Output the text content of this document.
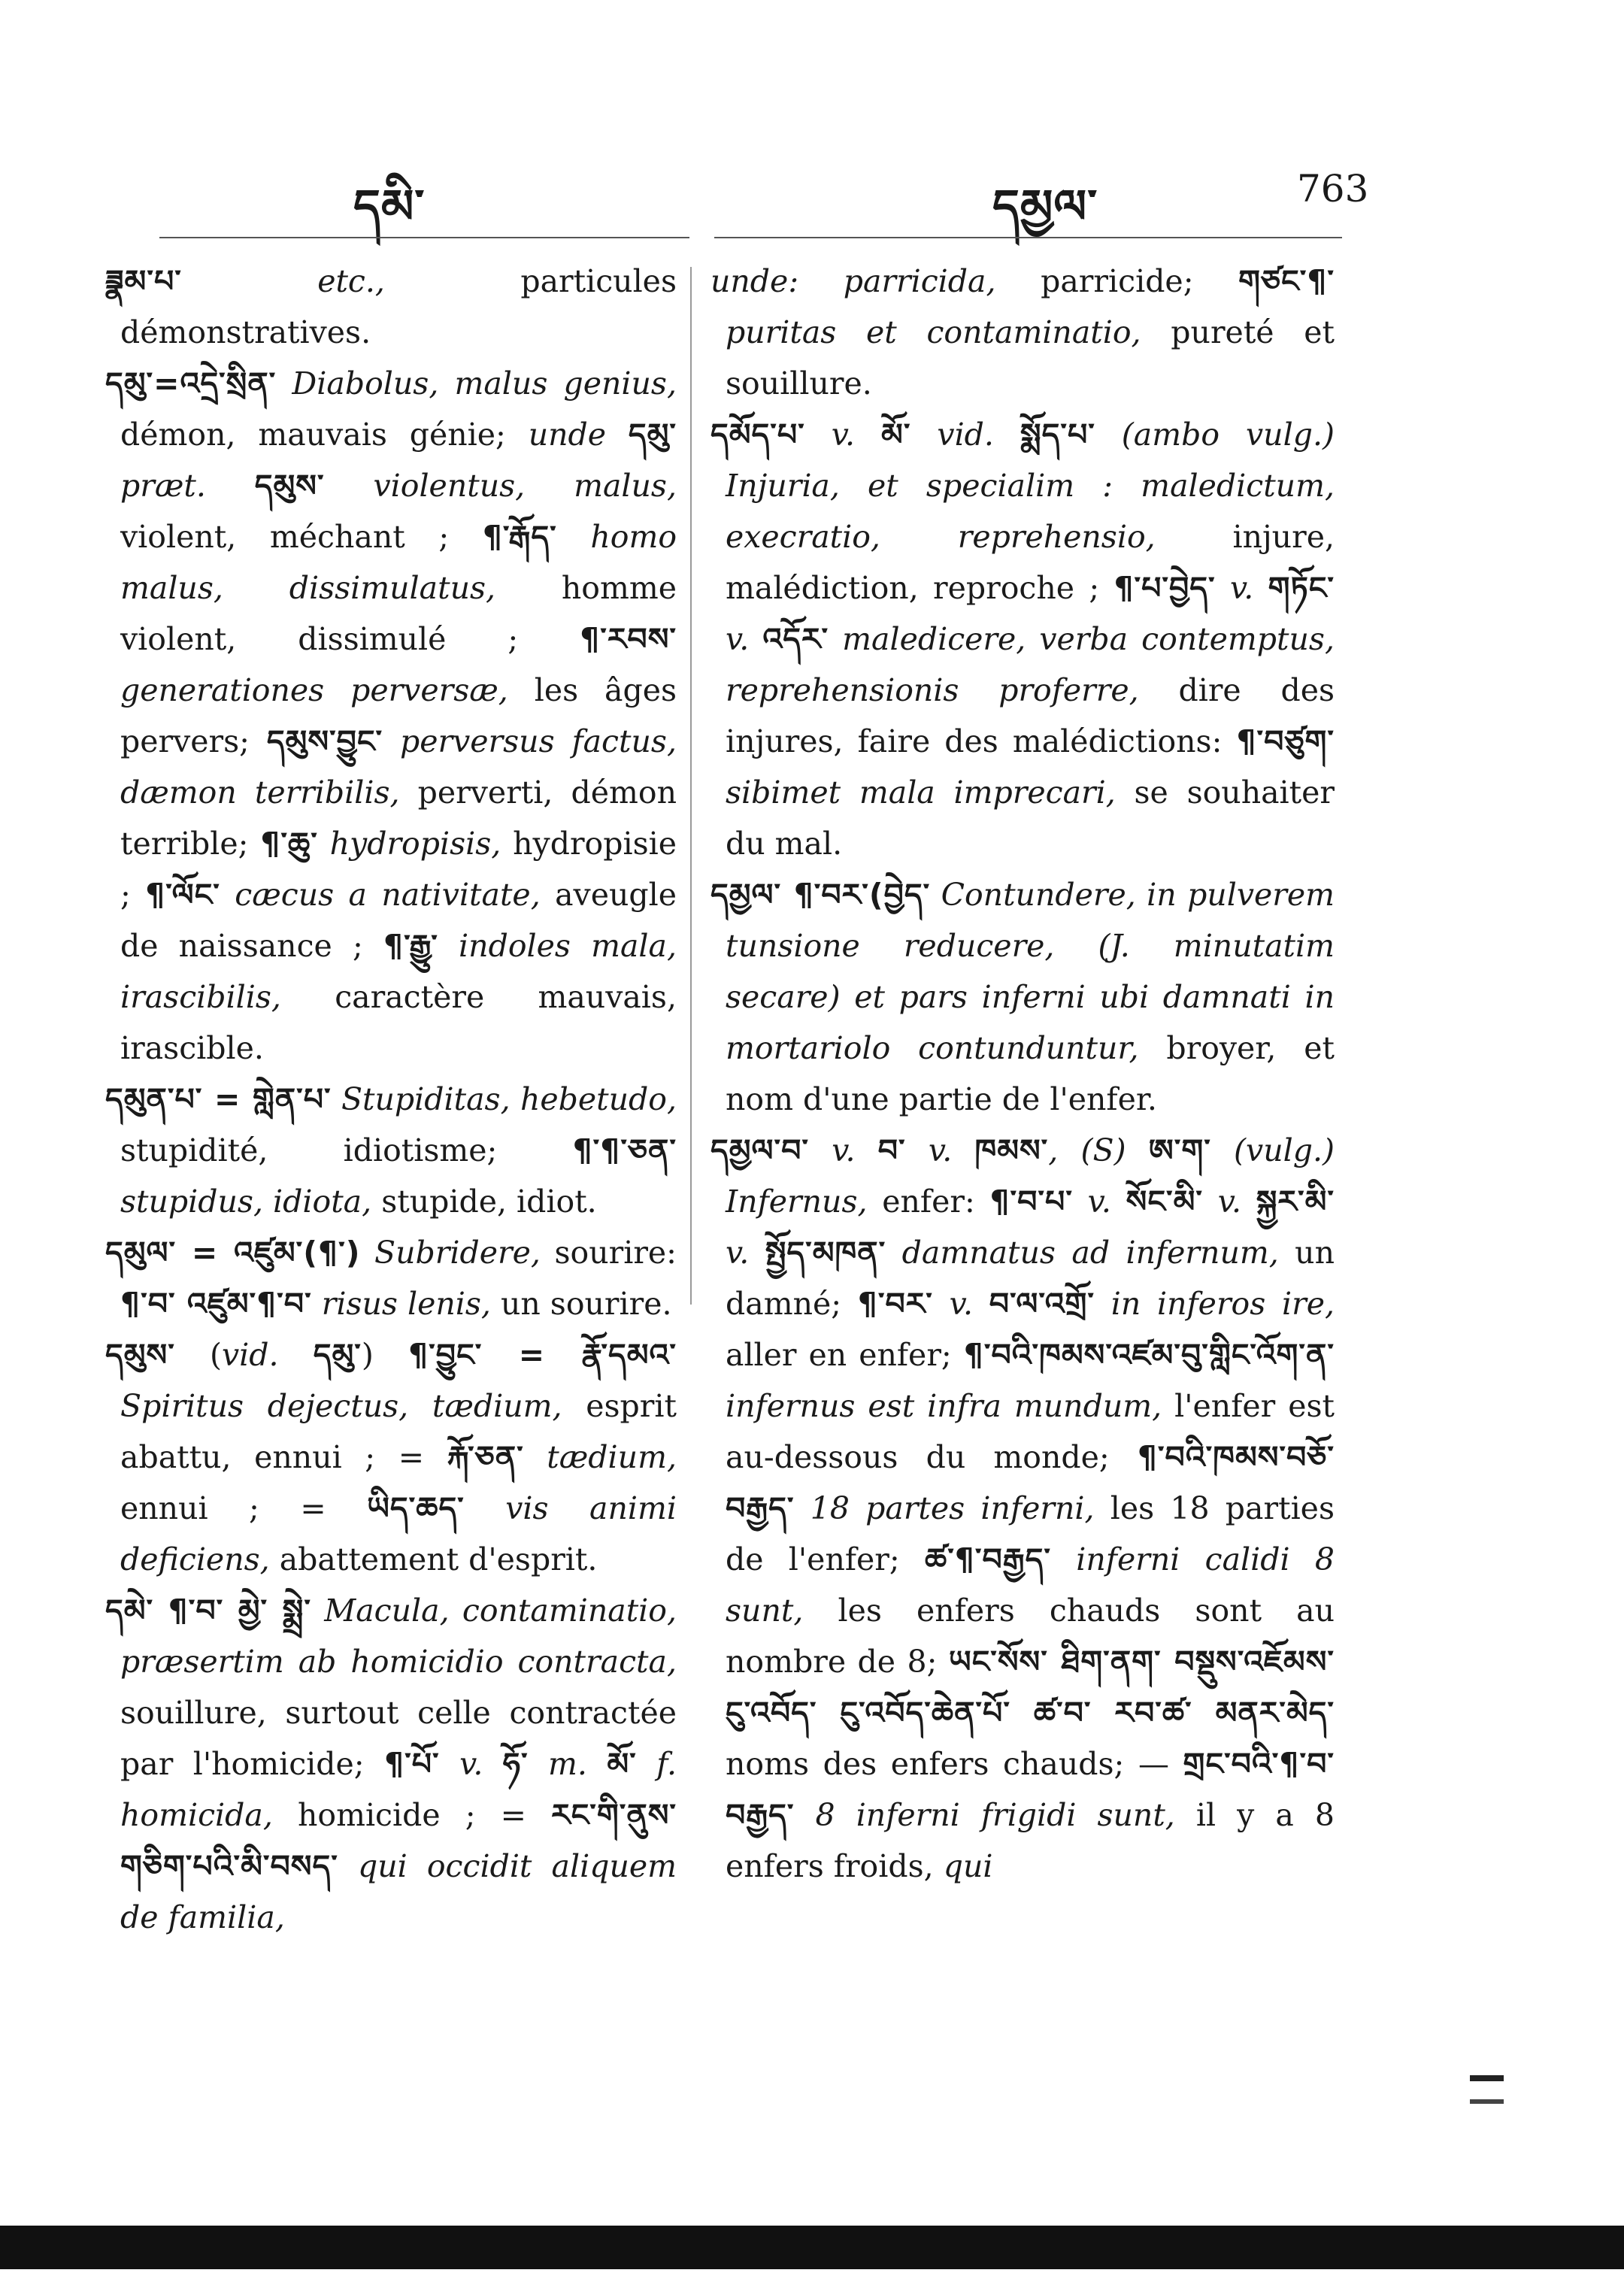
དམི་	དམྱལ་	763

ཟྣམ་པ་ etc., particules démonstratives.

དམུ་=འདྲེ་སྲིན་ Diabolus, malus genius, démon, mauvais génie; unde དམུ་ præt. དམུས་ violentus, malus, violent, méchant ; ¶་རྒོད་ homo malus, dissimulatus, homme violent, dissimulé ; ¶་རབས་ generationes perversæ, les âges pervers; དམུས་བྱུང་ perversus factus, dæmon terribilis, perverti, démon terrible; ¶་ཆུ་ hydropisis, hydropisie ; ¶་ལོང་ cæcus a nativitate, aveugle de naissance ; ¶་རྒྱུ་ indoles mala, irascibilis, caractère mauvais, irascible.

དམུན་པ་ = གླེན་པ་ Stupiditas, hebetudo, stupidité, idiotisme; ¶་¶་ཅན་ stupidus, idiota, stupide, idiot.

དམུལ་ = འཛུམ་(¶་) Subridere, sourire: ¶་བ་ འཛུམ་¶་བ་ risus lenis, un sourire.

དམུས་ (vid. དམུ་) ¶་བྱུང་ = རྣོ་དམའ་ Spiritus dejectus, tædium, esprit abattu, ennui ; = རྐོ་ཅན་ tædium, ennui ; = ཡིད་ཆད་ vis animi deficiens, abattement d'esprit.

དམེ་ ¶་བ་ མྱེ་ སྨྲེ་ Macula, contaminatio, præsertim ab homicidio contracta, souillure, surtout celle contractée par l'homicide; ¶་པོ་ v. ཧོ་ m. མོ་ f. homicida, homicide ; = རང་གི་ནུས་གཅིག་པའི་མི་བསད་ qui occidit aliquem de familia,

unde: parricida, parricide; གཙང་¶་ puritas et contaminatio, pureté et souillure.

དམོད་པ་ v. མོ་ vid. སྨོད་པ་ (ambo vulg.) Injuria, et specialim : maledictum, execratio, reprehensio, injure, malédiction, reproche ; ¶་པ་བྱེད་ v. གཏོང་ v. འདོར་ maledicere, verba contemptus, reprehensionis proferre, dire des injures, faire des malédictions: ¶་བཙུག་ sibimet mala imprecari, se souhaiter du mal.

དམྱལ་ ¶་བར་(བྱེད་ Contundere, in pulverem tunsione reducere, (J. minutatim secare) et pars inferni ubi damnati in mortariolo contunduntur, broyer, et nom d'une partie de l'enfer.

དམྱལ་བ་ v. བ་ v. ཁམས་, (S) ཨ་ག་ (vulg.) Infernus, enfer: ¶་བ་པ་ v. སོང་མི་ v. སྐྱར་མི་ v. སྤྱོད་མཁན་ damnatus ad infernum, un damné; ¶་བར་ v. བ་ལ་འགྲོ་ in inferos ire, aller en enfer; ¶་བའི་ཁམས་འཛམ་བུ་གླིང་འོག་ན་ infernus est infra mundum, l'enfer est au-dessous du monde; ¶་བའི་ཁམས་བཅོ་བརྒྱད་ 18 partes inferni, les 18 parties de l'enfer; ཚ་¶་བརྒྱད་ inferni calidi 8 sunt, les enfers chauds sont au nombre de 8; ཡང་སོས་ ཐིག་ནག་ བསྡུས་འཇོམས་ ངུ་འབོད་ ངུ་འབོད་ཆེན་པོ་ ཚ་བ་ རབ་ཚ་ མནར་མེད་ noms des enfers chauds; — གྲང་བའི་¶་བ་བརྒྱད་ 8 inferni frigidi sunt, il y a 8 enfers froids, qui
